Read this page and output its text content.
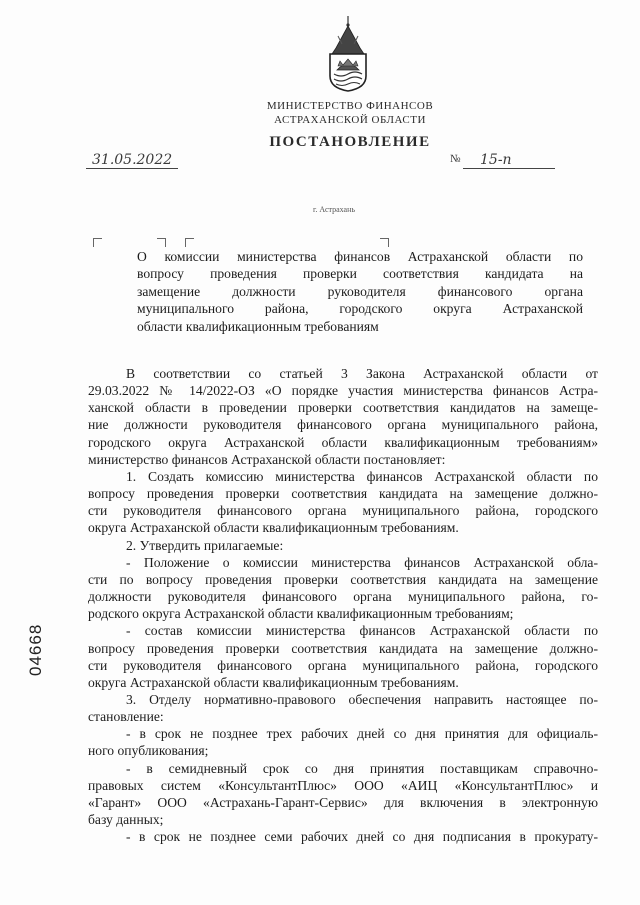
МИНИСТЕРСТВО ФИНАНСОВ
АСТРАХАНСКОЙ ОБЛАСТИ
ПОСТАНОВЛЕНИЕ
31.05.2022	№ 15-п
г. Астрахань
О комиссии министерства финансов Астраханской области по
вопросу проведения проверки соответствия кандидата на
замещение должности руководителя финансового органа
муниципального района, городского округа Астраханской
области квалификационным требованиям
В соответствии со статьей 3 Закона Астраханской области от
29.03.2022 № 14/2022-ОЗ «О порядке участия министерства финансов Астра-
ханской области в проведении проверки соответствия кандидатов на замеще-
ние должности руководителя финансового органа муниципального района,
городского округа Астраханской области квалификационным требованиям»
министерство финансов Астраханской области постановляет:
1. Создать комиссию министерства финансов Астраханской области по
вопросу проведения проверки соответствия кандидата на замещение должно-
сти руководителя финансового органа муниципального района, городского
округа Астраханской области квалификационным требованиям.
2. Утвердить прилагаемые:
- Положение о комиссии министерства финансов Астраханской обла-
сти по вопросу проведения проверки соответствия кандидата на замещение
должности руководителя финансового органа муниципального района, го-
родского округа Астраханской области квалификационным требованиям;
- состав комиссии министерства финансов Астраханской области по
вопросу проведения проверки соответствия кандидата на замещение должно-
сти руководителя финансового органа муниципального района, городского
округа Астраханской области квалификационным требованиям.
3. Отделу нормативно-правового обеспечения направить настоящее по-
становление:
- в срок не позднее трех рабочих дней со дня принятия для официаль-
ного опубликования;
- в семидневный срок со дня принятия поставщикам справочно-
правовых систем «КонсультантПлюс» ООО «АИЦ «КонсультантПлюс» и
«Гарант» ООО «Астрахань-Гарант-Сервис» для включения в электронную
базу данных;
- в срок не позднее семи рабочих дней со дня подписания в прокурату-
04668
